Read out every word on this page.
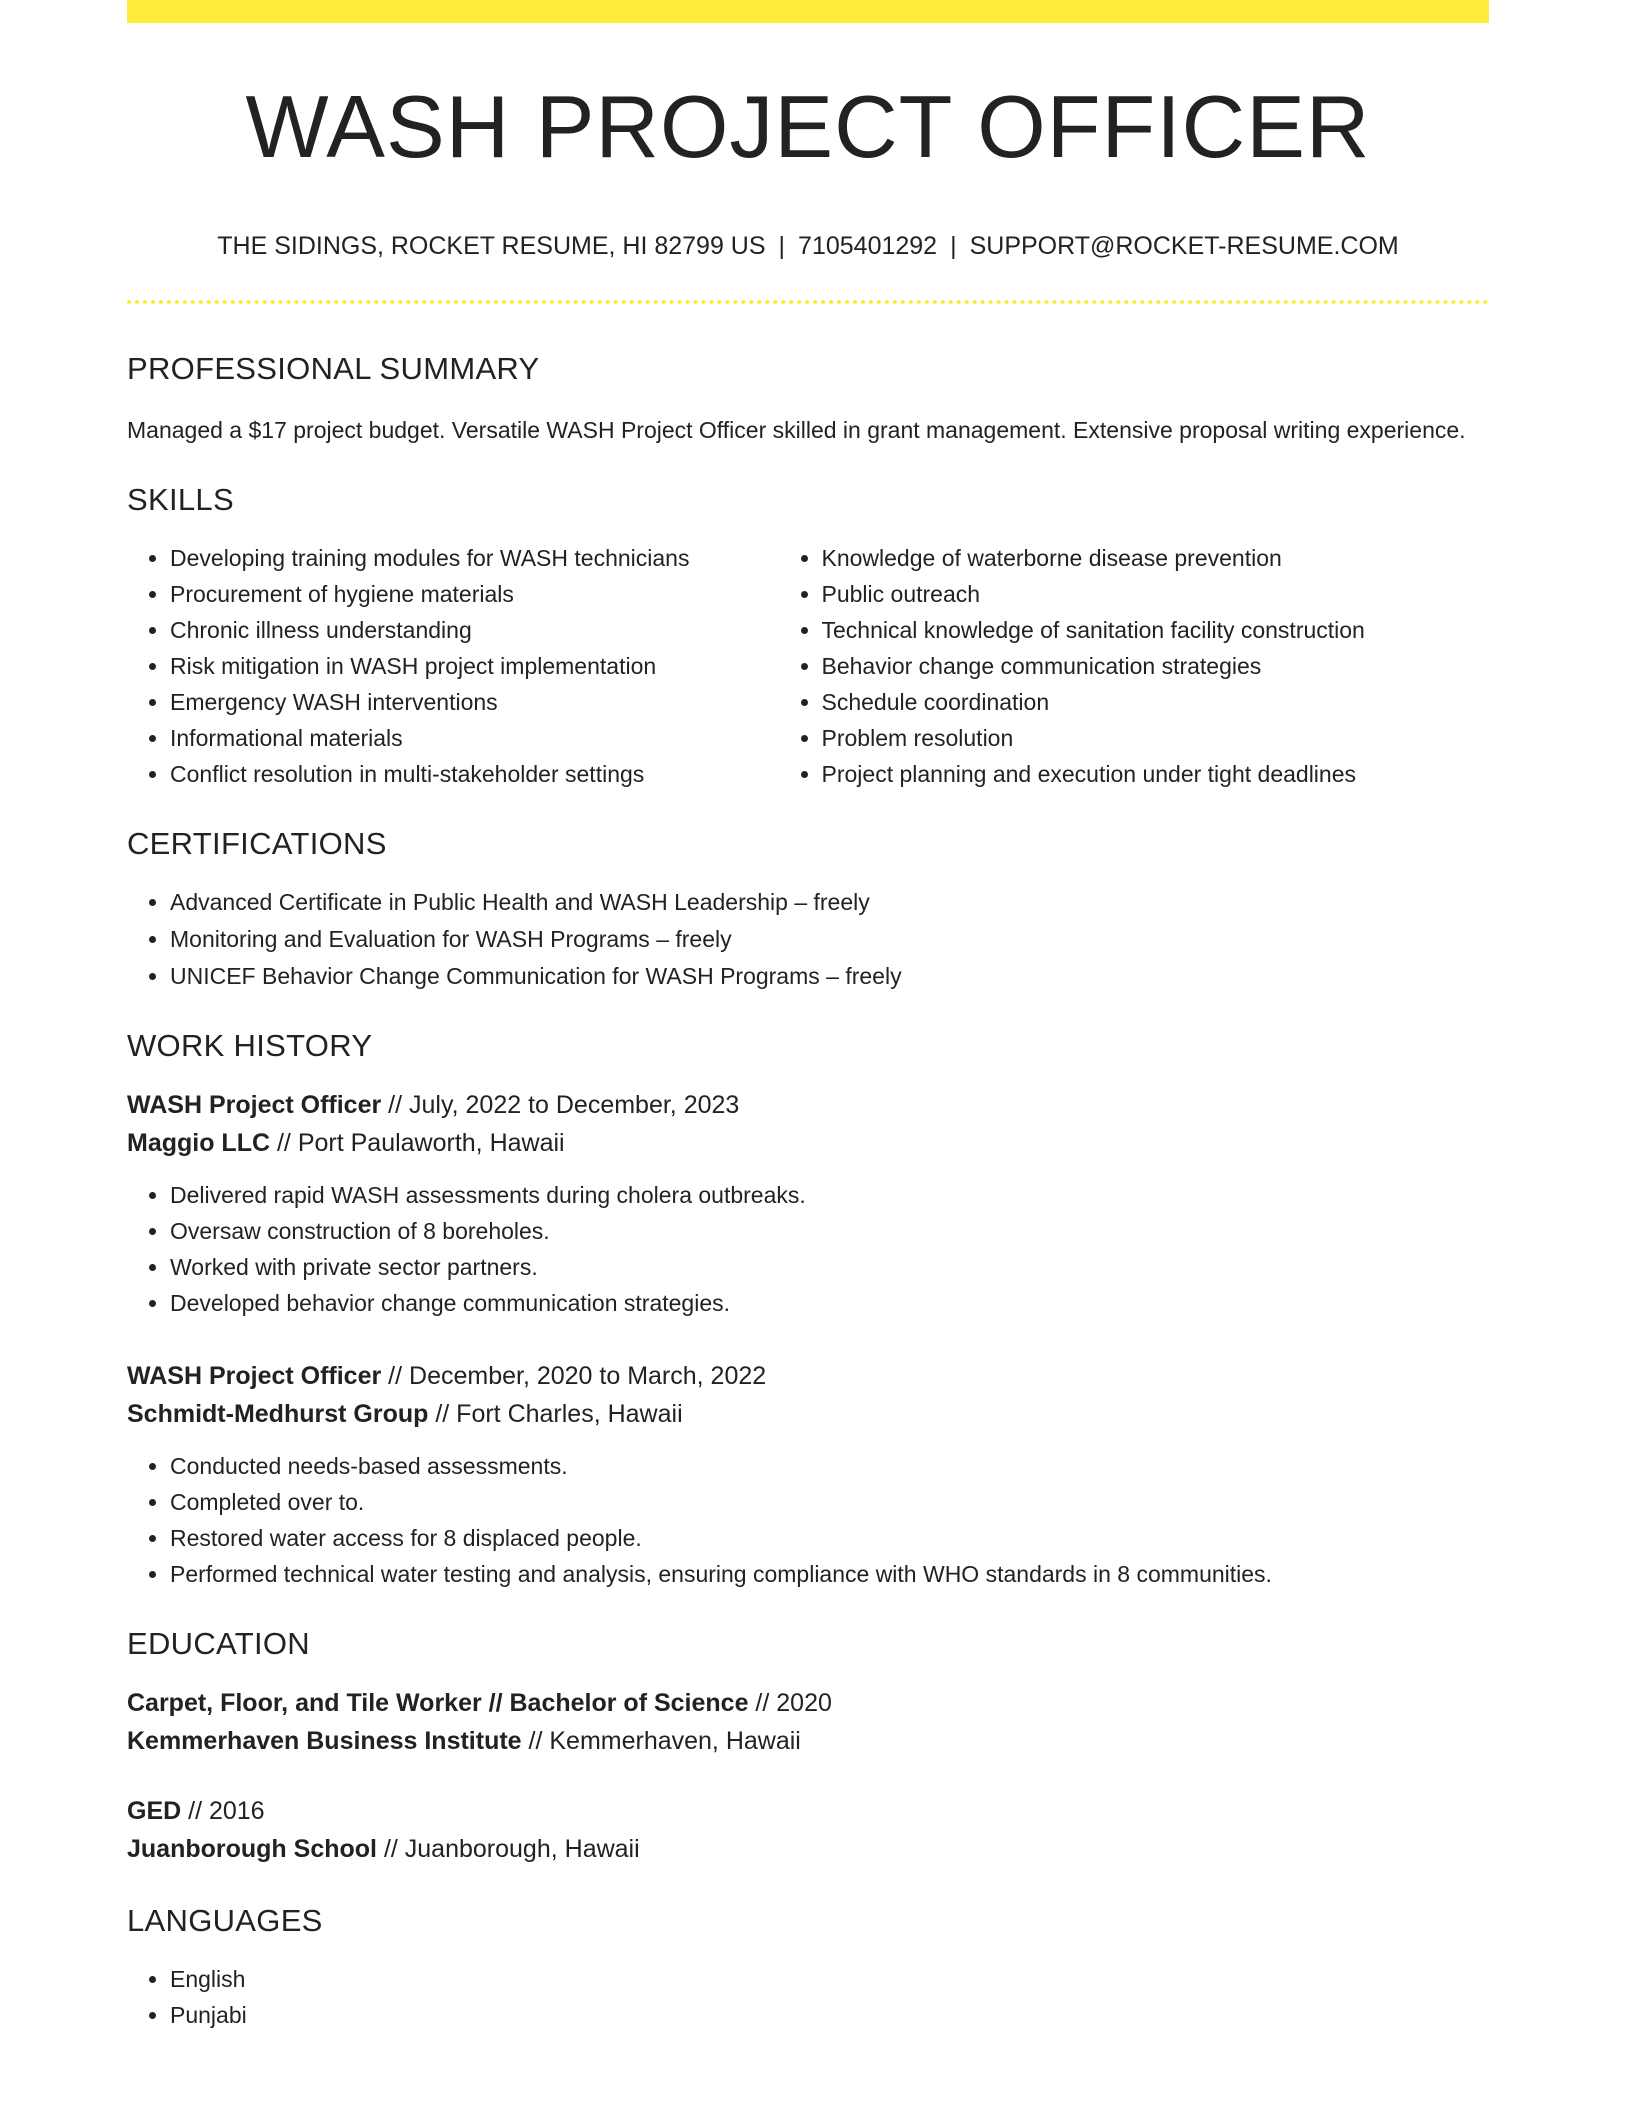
WASH PROJECT OFFICER
THE SIDINGS, ROCKET RESUME, HI 82799 US | 7105401292 | SUPPORT@ROCKET-RESUME.COM
PROFESSIONAL SUMMARY
Managed a $17 project budget. Versatile WASH Project Officer skilled in grant management. Extensive proposal writing experience.
SKILLS
• Developing training modules for WASH technicians
• Procurement of hygiene materials
• Chronic illness understanding
• Risk mitigation in WASH project implementation
• Emergency WASH interventions
• Informational materials
• Conflict resolution in multi-stakeholder settings
• Knowledge of waterborne disease prevention
• Public outreach
• Technical knowledge of sanitation facility construction
• Behavior change communication strategies
• Schedule coordination
• Problem resolution
• Project planning and execution under tight deadlines
CERTIFICATIONS
• Advanced Certificate in Public Health and WASH Leadership – freely
• Monitoring and Evaluation for WASH Programs – freely
• UNICEF Behavior Change Communication for WASH Programs – freely
WORK HISTORY
WASH Project Officer // July, 2022 to December, 2023
Maggio LLC // Port Paulaworth, Hawaii
• Delivered rapid WASH assessments during cholera outbreaks.
• Oversaw construction of 8 boreholes.
• Worked with private sector partners.
• Developed behavior change communication strategies.
WASH Project Officer // December, 2020 to March, 2022
Schmidt-Medhurst Group // Fort Charles, Hawaii
• Conducted needs-based assessments.
• Completed over to.
• Restored water access for 8 displaced people.
• Performed technical water testing and analysis, ensuring compliance with WHO standards in 8 communities.
EDUCATION
Carpet, Floor, and Tile Worker // Bachelor of Science // 2020
Kemmerhaven Business Institute // Kemmerhaven, Hawaii
GED // 2016
Juanborough School // Juanborough, Hawaii
LANGUAGES
• English
• Punjabi
